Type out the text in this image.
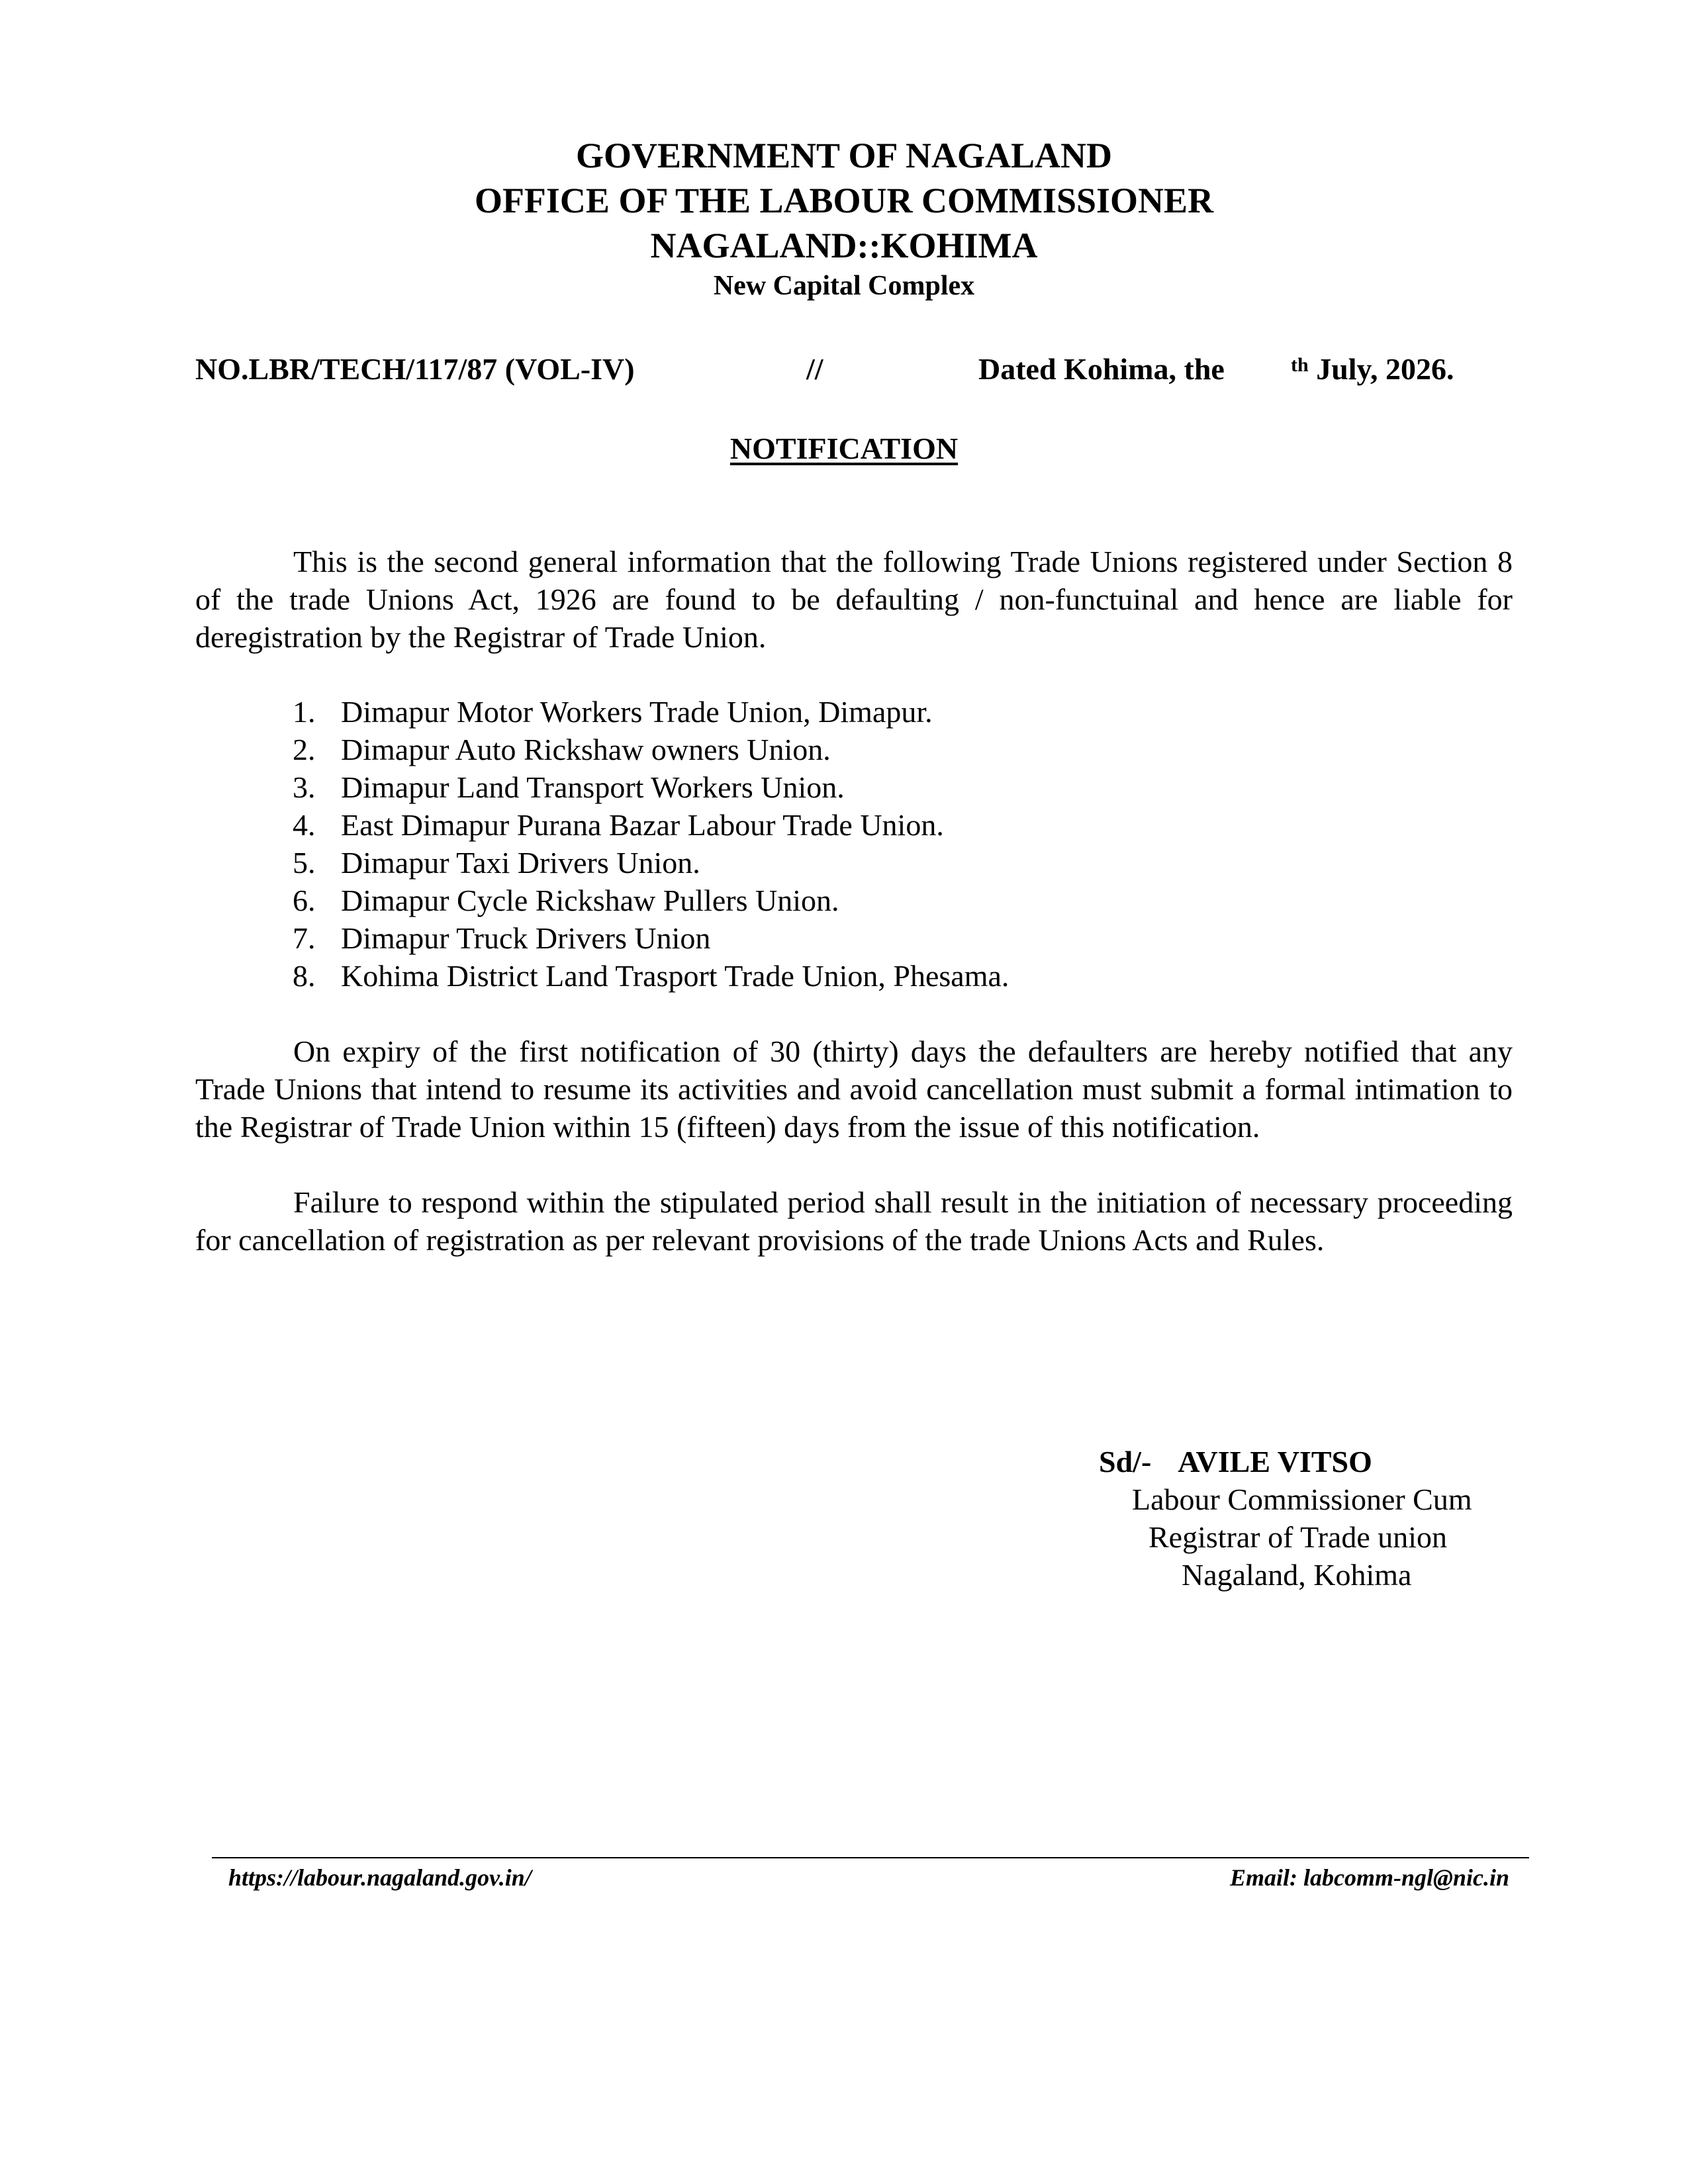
GOVERNMENT OF NAGALAND
OFFICE OF THE LABOUR COMMISSIONER
NAGALAND::KOHIMA
New Capital Complex
NO.LBR/TECH/117/87 (VOL-IV)	//	Dated Kohima, the	$^{th}$ July, 2026.
NOTIFICATION

This is the second general information that the following Trade Unions registered under Section 8 of the trade Unions Act, 1926 are found to be defaulting / non-functuinal and hence are liable for deregistration by the Registrar of Trade Union.

1. Dimapur Motor Workers Trade Union, Dimapur.
2. Dimapur Auto Rickshaw owners Union.
3. Dimapur Land Transport Workers Union.
4. East Dimapur Purana Bazar Labour Trade Union.
5. Dimapur Taxi Drivers Union.
6. Dimapur Cycle Rickshaw Pullers Union.
7. Dimapur Truck Drivers Union
8. Kohima District Land Trasport Trade Union, Phesama.

On expiry of the first notification of 30 (thirty) days the defaulters are hereby notified that any Trade Unions that intend to resume its activities and avoid cancellation must submit a formal intimation to the Registrar of Trade Union within 15 (fifteen) days from the issue of this notification.

Failure to respond within the stipulated period shall result in the initiation of necessary proceeding for cancellation of registration as per relevant provisions of the trade Unions Acts and Rules.

Sd/- AVILE VITSO
Labour Commissioner Cum
Registrar of Trade union
Nagaland, Kohima
https://labour.nagaland.gov.in/	Email: labcomm-ngl@nic.in
